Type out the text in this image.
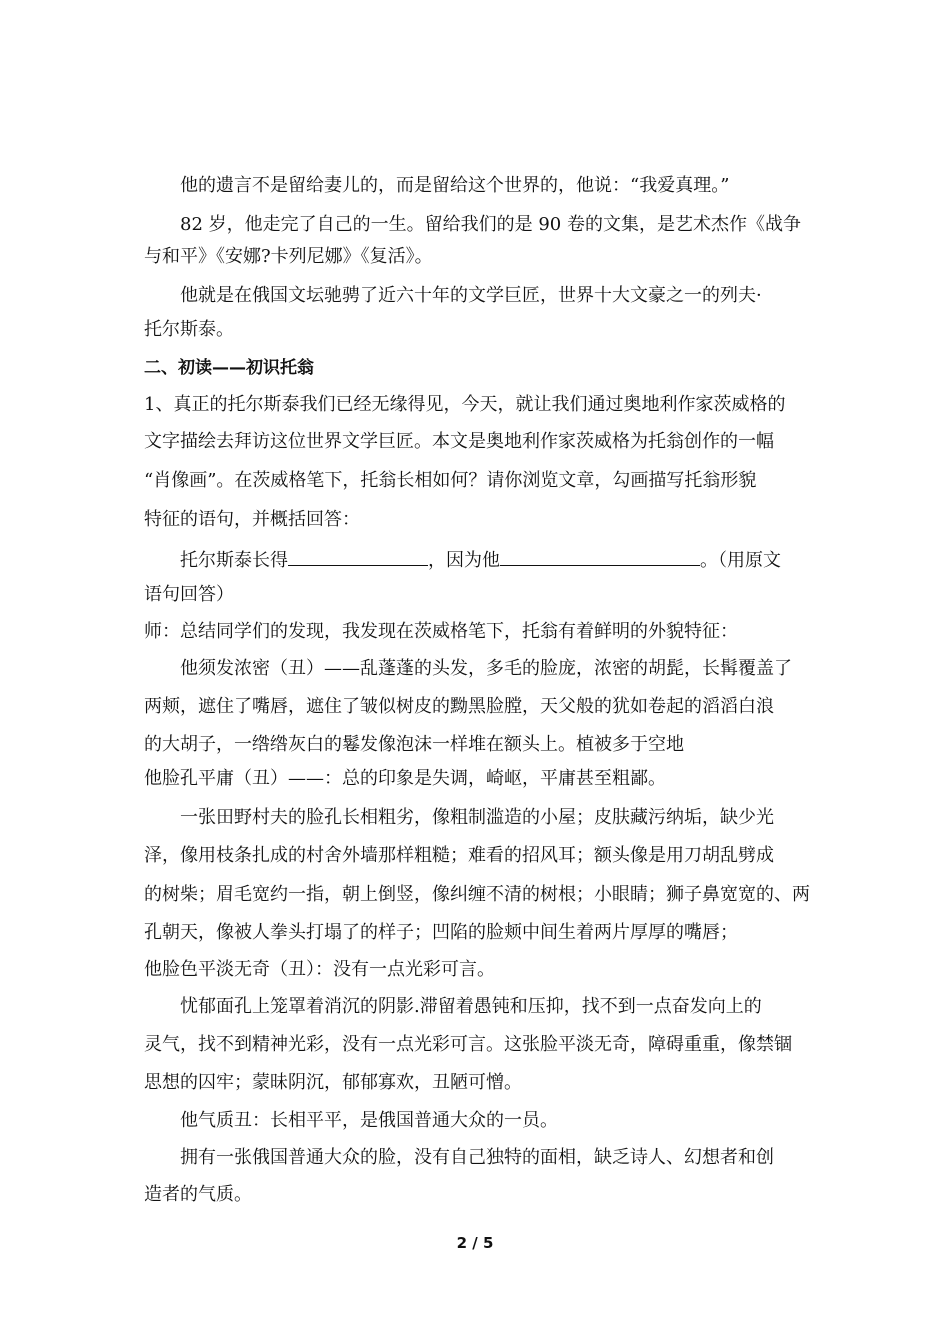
他的遗言不是留给妻儿的，而是留给这个世界的，他说：“我爱真理。”
82 岁，他走完了自己的一生。留给我们的是 90 卷的文集，是艺术杰作《战争
与和平》《安娜?卡列尼娜》《复活》。
他就是在俄国文坛驰骋了近六十年的文学巨匠，世界十大文豪之一的列夫·
托尔斯泰。
二、初读——初识托翁
1、真正的托尔斯泰我们已经无缘得见，今天，就让我们通过奥地利作家茨威格的
文字描绘去拜访这位世界文学巨匠。本文是奥地利作家茨威格为托翁创作的一幅
“肖像画”。在茨威格笔下，托翁长相如何？请你浏览文章，勾画描写托翁形貌
特征的语句，并概括回答：
托尔斯泰长得	，因为他	。（用原文
语句回答）
师：总结同学们的发现，我发现在茨威格笔下，托翁有着鲜明的外貌特征：
他须发浓密（丑）——乱蓬蓬的头发，多毛的脸庞，浓密的胡髭，长髯覆盖了
两颊，遮住了嘴唇，遮住了皱似树皮的黝黑脸膛，天父般的犹如卷起的滔滔白浪
的大胡子，一绺绺灰白的鬈发像泡沫一样堆在额头上。植被多于空地
他脸孔平庸（丑）——：总的印象是失调，崎岖，平庸甚至粗鄙。
一张田野村夫的脸孔长相粗劣，像粗制滥造的小屋；皮肤藏污纳垢，缺少光
泽，像用枝条扎成的村舍外墙那样粗糙；难看的招风耳；额头像是用刀胡乱劈成
的树柴；眉毛宽约一指，朝上倒竖，像纠缠不清的树根；小眼睛；狮子鼻宽宽的、两
孔朝天，像被人拳头打塌了的样子；凹陷的脸颊中间生着两片厚厚的嘴唇；
他脸色平淡无奇（丑）：没有一点光彩可言。
忧郁面孔上笼罩着消沉的阴影.滞留着愚钝和压抑，找不到一点奋发向上的
灵气，找不到精神光彩，没有一点光彩可言。这张脸平淡无奇，障碍重重，像禁锢
思想的囚牢；蒙昧阴沉，郁郁寡欢，丑陋可憎。
他气质丑：长相平平，是俄国普通大众的一员。
拥有一张俄国普通大众的脸，没有自己独特的面相，缺乏诗人、幻想者和创
造者的气质。
2 / 5
